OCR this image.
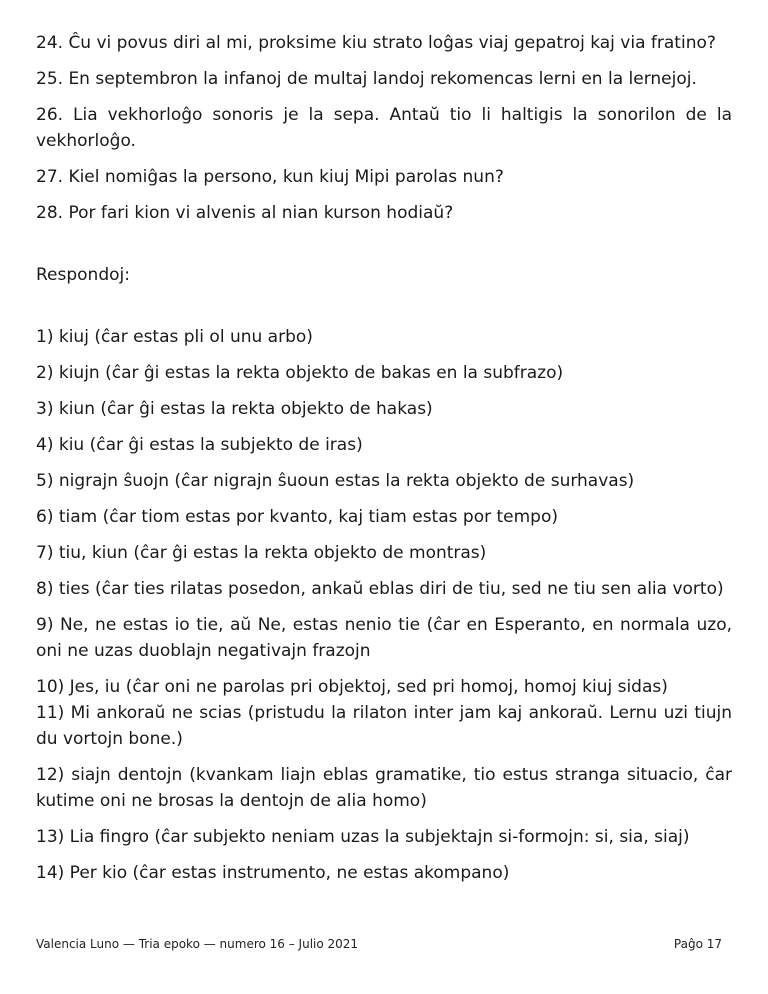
24. Ĉu vi povus diri al mi, proksime kiu strato loĝas viaj gepatroj kaj via fratino?

25. En septembron la infanoj de multaj landoj rekomencas lerni en la lernejoj.

26. Lia vekhorloĝo sonoris je la sepa. Antaŭ tio li haltigis la sonorilon de la vekhorloĝo.

27. Kiel nomiĝas la persono, kun kiuj Mipi parolas nun?

28. Por fari kion vi alvenis al nian kurson hodiaŭ?

Respondoj:

1) kiuj (ĉar estas pli ol unu arbo)

2) kiujn (ĉar ĝi estas la rekta objekto de bakas en la subfrazo)

3) kiun (ĉar ĝi estas la rekta objekto de hakas)

4) kiu (ĉar ĝi estas la subjekto de iras)

5) nigrajn ŝuojn (ĉar nigrajn ŝuoun estas la rekta objekto de surhavas)

6) tiam (ĉar tiom estas por kvanto, kaj tiam estas por tempo)

7) tiu, kiun (ĉar ĝi estas la rekta objekto de montras)

8) ties (ĉar ties rilatas posedon, ankaŭ eblas diri de tiu, sed ne tiu sen alia vorto)

9) Ne, ne estas io tie, aŭ Ne, estas nenio tie (ĉar en Esperanto, en normala uzo, oni ne uzas duoblajn negativajn frazojn

10) Jes, iu (ĉar oni ne parolas pri objektoj, sed pri homoj, homoj kiuj sidas)

11) Mi ankoraŭ ne scias (pristudu la rilaton inter jam kaj ankoraŭ. Lernu uzi tiujn du vortojn bone.)

12) siajn dentojn (kvankam liajn eblas gramatike, tio estus stranga situacio, ĉar kutime oni ne brosas la dentojn de alia homo)

13) Lia fingro (ĉar subjekto neniam uzas la subjektajn si-formojn: si, sia, siaj)

14) Per kio (ĉar estas instrumento, ne estas akompano)

Valencia Luno — Tria epoko — numero 16 – Julio 2021	Paĝo 17
